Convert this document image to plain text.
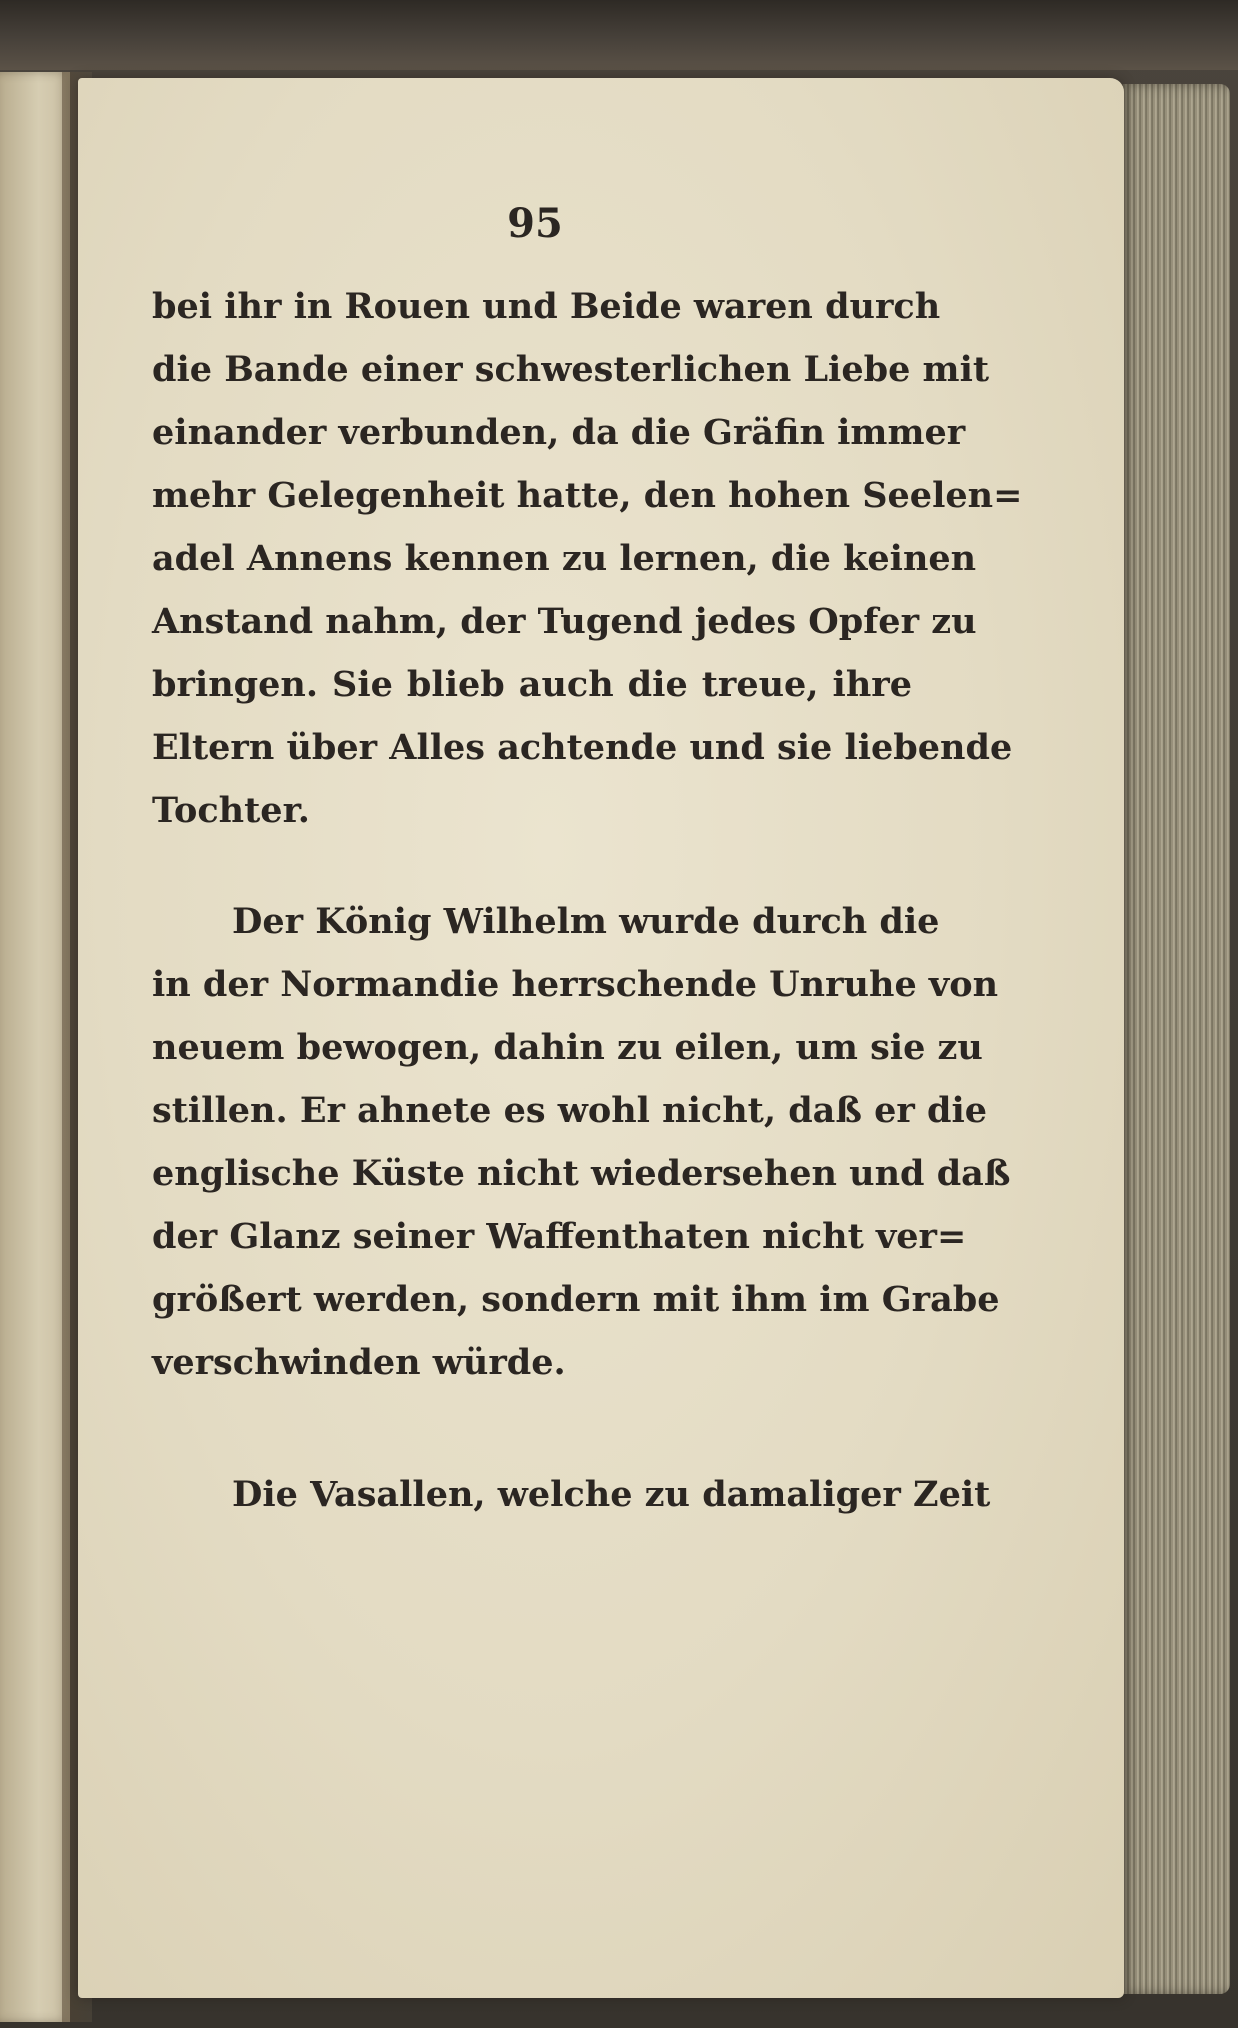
95
bei ihr in Rouen und Beide waren durch
die Bande einer schwesterlichen Liebe mit
einander verbunden, da die Gräfin immer
mehr Gelegenheit hatte, den hohen Seelen=
adel Annens kennen zu lernen, die keinen
Anstand nahm, der Tugend jedes Opfer zu
bringen. Sie blieb auch die treue, ihre
Eltern über Alles achtende und sie liebende
Tochter.
Der König Wilhelm wurde durch die
in der Normandie herrschende Unruhe von
neuem bewogen, dahin zu eilen, um sie zu
stillen. Er ahnete es wohl nicht, daß er die
englische Küste nicht wiedersehen und daß
der Glanz seiner Waffenthaten nicht ver=
größert werden, sondern mit ihm im Grabe
verschwinden würde.
Die Vasallen, welche zu damaliger Zeit
